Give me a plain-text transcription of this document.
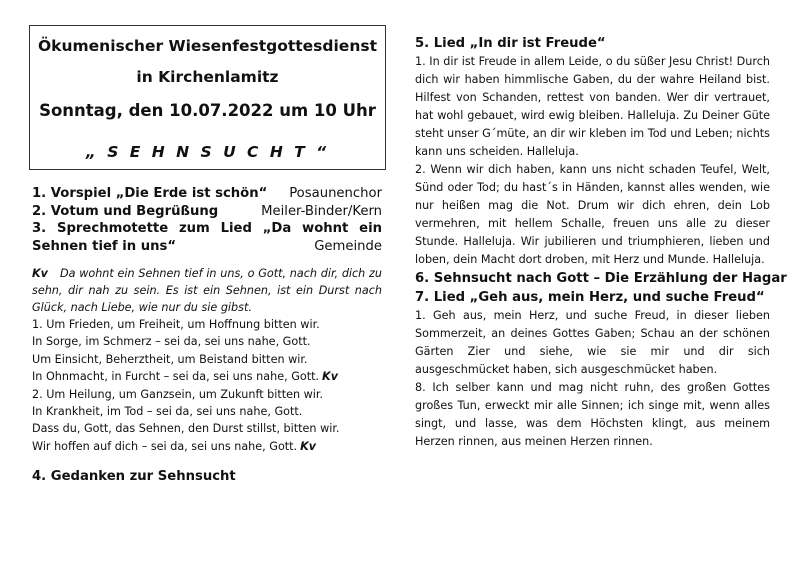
Ökumenischer Wiesenfestgottesdienst
in Kirchenlamitz
Sonntag, den 10.07.2022 um 10 Uhr
„ S E H N S U C H T “
1. Vorspiel „Die Erde ist schön“ Posaunenchor
2. Votum und Begrüßung	Meiler-Binder/Kern
3. Sprechmotette zum Lied „Da wohnt ein
Sehnen tief in uns“	Gemeinde
Kv Da wohnt ein Sehnen tief in uns, o Gott, nach dir, dich zu sehn, dir nah zu sein. Es ist ein Sehnen, ist ein Durst nach Glück, nach Liebe, wie nur du sie gibst.
1. Um Frieden, um Freiheit, um Hoffnung bitten wir.
In Sorge, im Schmerz – sei da, sei uns nahe, Gott.
Um Einsicht, Beherztheit, um Beistand bitten wir.
In Ohnmacht, in Furcht – sei da, sei uns nahe, Gott. Kv
2. Um Heilung, um Ganzsein, um Zukunft bitten wir.
In Krankheit, im Tod – sei da, sei uns nahe, Gott.
Dass du, Gott, das Sehnen, den Durst stillst, bitten wir.
Wir hoffen auf dich – sei da, sei uns nahe, Gott. Kv
4. Gedanken zur Sehnsucht
5. Lied „In dir ist Freude“
1. In dir ist Freude in allem Leide, o du süßer Jesu Christ! Durch dich wir haben himmlische Gaben, du der wahre Heiland bist. Hilfest von Schanden, rettest von banden. Wer dir vertrauet, hat wohl gebauet, wird ewig bleiben. Halleluja. Zu Deiner Güte steht unser G´müte, an dir wir kleben im Tod und Leben; nichts kann uns scheiden. Halleluja.
2. Wenn wir dich haben, kann uns nicht schaden Teufel, Welt, Sünd oder Tod; du hast´s in Händen, kannst alles wenden, wie nur heißen mag die Not. Drum wir dich ehren, dein Lob vermehren, mit hellem Schalle, freuen uns alle zu dieser Stunde. Halleluja. Wir jubilieren und triumphieren, lieben und loben, dein Macht dort droben, mit Herz und Munde. Halleluja.
6. Sehnsucht nach Gott – Die Erzählung der Hagar
7. Lied „Geh aus, mein Herz, und suche Freud“
1. Geh aus, mein Herz, und suche Freud, in dieser lieben Sommerzeit, an deines Gottes Gaben; Schau an der schönen Gärten Zier und siehe, wie sie mir und dir sich ausgeschmücket haben, sich ausgeschmücket haben.
8. Ich selber kann und mag nicht ruhn, des großen Gottes großes Tun, erweckt mir alle Sinnen; ich singe mit, wenn alles singt, und lasse, was dem Höchsten klingt, aus meinem Herzen rinnen, aus meinen Herzen rinnen.
